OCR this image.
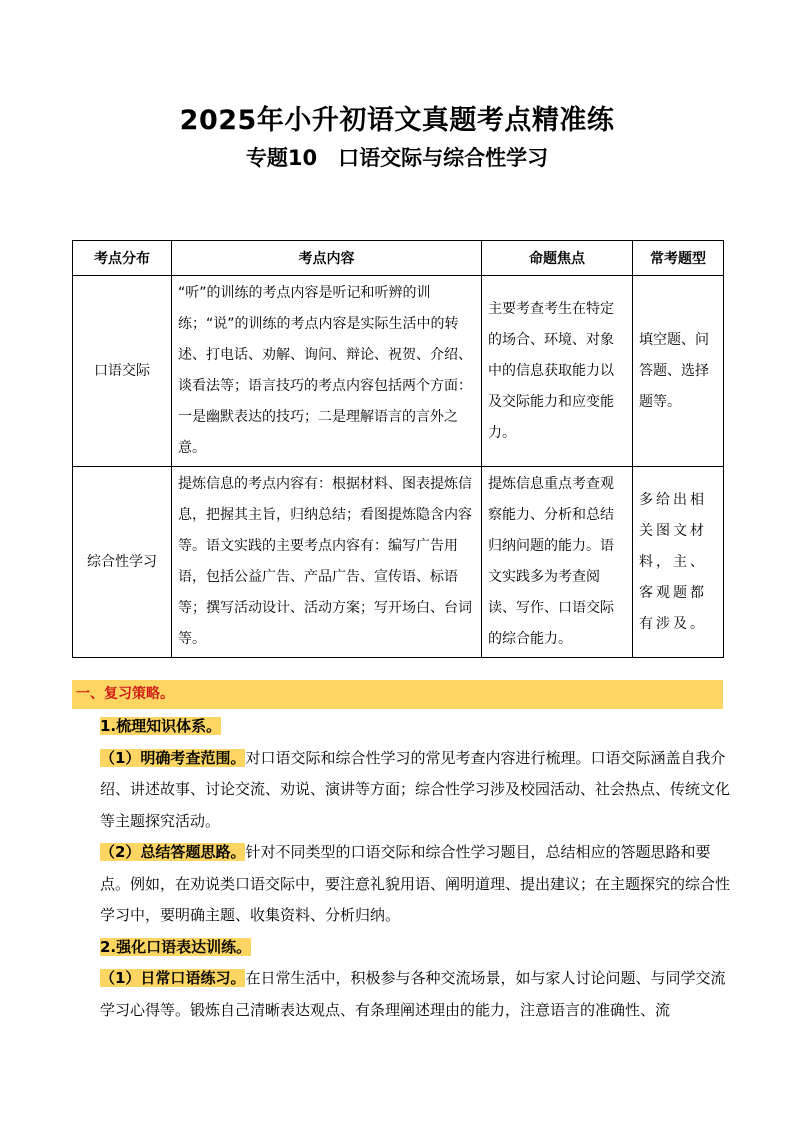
2025年小升初语文真题考点精准练
专题10　口语交际与综合性学习
考点分布	考点内容	命题焦点	常考题型
口语交际	“听”的训练的考点内容是听记和听辨的训练；“说”的训练的考点内容是实际生活中的转述、打电话、劝解、询问、辩论、祝贺、介绍、谈看法等；语言技巧的考点内容包括两个方面：一是幽默表达的技巧；二是理解语言的言外之意。	主要考查考生在特定的场合、环境、对象中的信息获取能力以及交际能力和应变能力。	填空题、问答题、选择题等。
综合性学习	提炼信息的考点内容有：根据材料、图表提炼信息，把握其主旨，归纳总结；看图提炼隐含内容等。语文实践的主要考点内容有：编写广告用语，包括公益广告、产品广告、宣传语、标语等；撰写活动设计、活动方案；写开场白、台词等。	提炼信息重点考查观察能力、分析和总结归纳问题的能力。语文实践多为考查阅读、写作、口语交际的综合能力。	多给出相关图文材料，主、客观题都有涉及。
一、复习策略。

1.梳理知识体系。

（1）明确考查范围。对口语交际和综合性学习的常见考查内容进行梳理。口语交际涵盖自我介绍、讲述故事、讨论交流、劝说、演讲等方面；综合性学习涉及校园活动、社会热点、传统文化等主题探究活动。

（2）总结答题思路。针对不同类型的口语交际和综合性学习题目，总结相应的答题思路和要点。例如，在劝说类口语交际中，要注意礼貌用语、阐明道理、提出建议；在主题探究的综合性学习中，要明确主题、收集资料、分析归纳。

2.强化口语表达训练。

（1）日常口语练习。在日常生活中，积极参与各种交流场景，如与家人讨论问题、与同学交流学习心得等。锻炼自己清晰表达观点、有条理阐述理由的能力，注意语言的准确性、流
